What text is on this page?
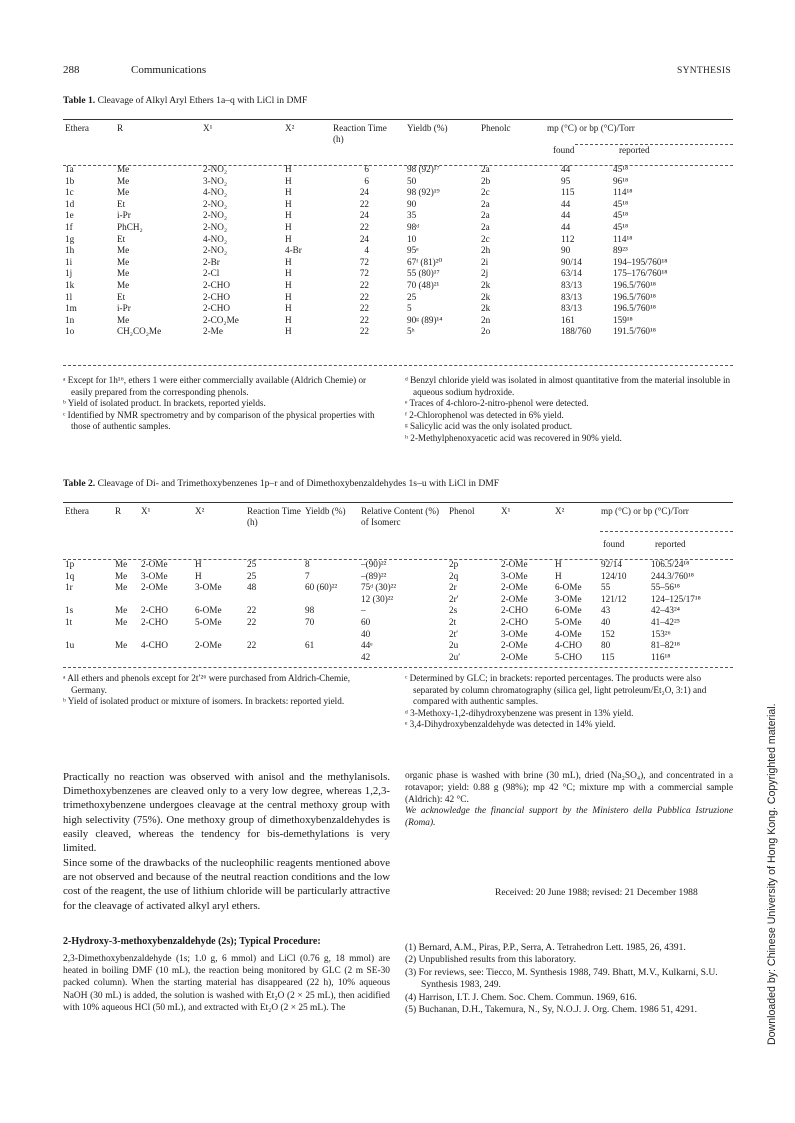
288	Communications	SYNTHESIS
Table 1. Cleavage of Alkyl Aryl Ethers 1a–q with LiCl in DMF
Ethera	R	X¹	X²	Reaction Time (h)	Yieldb (%)	Phenolc	mp (°C) or bp (°C)/Torr
found reported	

1a	Me	2-NO₂	H	6	98 (92)¹⁷	2a	44	45¹⁸
1b	Me	3-NO₂	H	6	50	2b	95	96¹⁸
1c	Me	4-NO₂	H	24	98 (92)¹⁹	2c	115	114¹⁸
1d	Et	2-NO₂	H	22	90	2a	44	45¹⁸
1e	i-Pr	2-NO₂	H	24	35	2a	44	45¹⁸
1f	PhCH₂	2-NO₂	H	22	98ᵈ	2a	44	45¹⁸
1g	Et	4-NO₂	H	24	10	2c	112	114¹⁸
1h	Me	2-NO₂	4-Br	4	95ᵉ	2h	90	89²³
1i	Me	2-Br	H	72	67ᶠ (81)²⁰	2i	90/14	194–195/760¹⁸
1j	Me	2-Cl	H	72	55 (80)¹⁷	2j	63/14	175–176/760¹⁸
1k	Me	2-CHO	H	22	70 (48)²¹	2k	83/13	196.5/760¹⁸
1l	Et	2-CHO	H	22	25	2k	83/13	196.5/760¹⁸
1m	i-Pr	2-CHO	H	22	5	2k	83/13	196.5/760¹⁸
1n	Me	2-CO₂Me	H	22	90ᵍ (89)¹⁴	2n	161	159¹⁸
1o	CH₂CO₂Me	2-Me	H	22	5ʰ	2o	188/760	191.5/760¹⁸
ᵃ Except for 1h¹⁶, ethers 1 were either commercially available (Aldrich Chemie) or easily prepared from the corresponding phenols.
ᵇ Yield of isolated product. In brackets, reported yields.
ᶜ Identified by NMR spectrometry and by comparison of the physical properties with those of authentic samples.
ᵈ Benzyl chloride yield was isolated in almost quantitative from the material insoluble in aqueous sodium hydroxide.
ᵉ Traces of 4-chloro-2-nitro-phenol were detected.
ᶠ 2-Chlorophenol was detected in 6% yield.
ᵍ Salicylic acid was the only isolated product.
ʰ 2-Methylphenoxyacetic acid was recovered in 90% yield.
Table 2. Cleavage of Di- and Trimethoxybenzenes 1p–r and of Dimethoxybenzaldehydes 1s–u with LiCl in DMF
Ethera	R	X¹	X²	Reaction Time (h)	Yieldb (%)	Relative Content (%) of Isomerc	Phenol	X¹	X²	mp (°C) or bp (°C)/Torr
found reported	

1p	Me	2-OMe	H	25	8	–(90)²²	2p	2-OMe	H	92/14	106.5/24¹⁸
1q	Me	3-OMe	H	25	7	–(89)²²	2q	3-OMe	H	124/10	244.3/760¹⁸
1r	Me	2-OMe	3-OMe	48	60 (60)²²	75ᵈ (30)²²	2r	2-OMe	6-OMe	55	55–56¹⁸
						12 (30)²²	2r′	2-OMe	3-OMe	121/12	124–125/17¹⁸
1s	Me	2-CHO	6-OMe	22	98	–	2s	2-CHO	6-OMe	43	42–43²⁴
1t	Me	2-CHO	5-OMe	22	70	60	2t	2-CHO	5-OMe	40	41–42²⁵
						40	2t′	3-OMe	4-OMe	152	153²⁶
1u	Me	4-CHO	2-OMe	22	61	44ᵉ	2u	2-OMe	4-CHO	80	81–82¹⁸
						42	2u′	2-OMe	5-CHO	115	116¹⁸
ᵃ All ethers and phenols except for 2t′²⁶ were purchased from Aldrich-Chemie, Germany.
ᵇ Yield of isolated product or mixture of isomers. In brackets: reported yield.
ᶜ Determined by GLC; in brackets: reported percentages. The products were also separated by column chromatography (silica gel, light petroleum/Et₂O, 3:1) and compared with authentic samples.
ᵈ 3-Methoxy-1,2-dihydroxybenzene was present in 13% yield.
ᵉ 3,4-Dihydroxybenzaldehyde was detected in 14% yield.
Practically no reaction was observed with anisol and the methylanisols. Dimethoxybenzenes are cleaved only to a very low degree, whereas 1,2,3-trimethoxybenzene undergoes cleavage at the central methoxy group with high selectivity (75%). One methoxy group of dimethoxybenzaldehydes is easily cleaved, whereas the tendency for bis-demethylations is very limited.
Since some of the drawbacks of the nucleophilic reagents mentioned above are not observed and because of the neutral reaction conditions and the low cost of the reagent, the use of lithium chloride will be particularly attractive for the cleavage of activated alkyl aryl ethers.
2-Hydroxy-3-methoxybenzaldehyde (2s); Typical Procedure:
2,3-Dimethoxybenzaldehyde (1s; 1.0 g, 6 mmol) and LiCl (0.76 g, 18 mmol) are heated in boiling DMF (10 mL), the reaction being monitored by GLC (2 m SE-30 packed column). When the starting material has disappeared (22 h), 10% aqueous NaOH (30 mL) is added, the solution is washed with Et₂O (2 × 25 mL), then acidified with 10% aqueous HCl (50 mL), and extracted with Et₂O (2 × 25 mL). The
organic phase is washed with brine (30 mL), dried (Na₂SO₄), and concentrated in a rotavapor; yield: 0.88 g (98%); mp 42 °C; mixture mp with a commercial sample (Aldrich): 42 °C.
We acknowledge the financial support by the Ministero della Pubblica Istruzione (Roma).
Received: 20 June 1988; revised: 21 December 1988
(1) Bernard, A.M., Piras, P.P., Serra, A. Tetrahedron Lett. 1985, 26, 4391.
(2) Unpublished results from this laboratory.
(3) For reviews, see: Tiecco, M. Synthesis 1988, 749. Bhatt, M.V., Kulkarni, S.U. Synthesis 1983, 249.
(4) Harrison, I.T. J. Chem. Soc. Chem. Commun. 1969, 616.
(5) Buchanan, D.H., Takemura, N., Sy, N.O.J. J. Org. Chem. 1986 51, 4291.	Downloaded by: Chinese University of Hong Kong. Copyrighted material.
